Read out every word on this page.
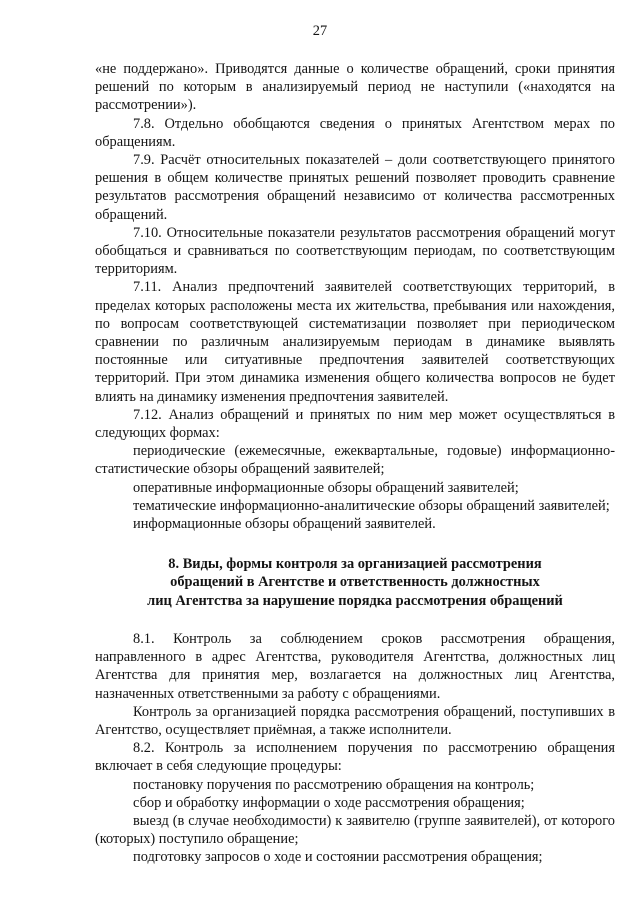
27

«не поддержано». Приводятся данные о количестве обращений, сроки принятия решений по которым в анализируемый период не наступили («находятся на рассмотрении»).

7.8. Отдельно обобщаются сведения о принятых Агентством мерах по обращениям.

7.9. Расчёт относительных показателей – доли соответствующего принятого решения в общем количестве принятых решений позволяет проводить сравнение результатов рассмотрения обращений независимо от количества рассмотренных обращений.

7.10. Относительные показатели результатов рассмотрения обращений могут обобщаться и сравниваться по соответствующим периодам, по соответствующим территориям.

7.11. Анализ предпочтений заявителей соответствующих территорий, в пределах которых расположены места их жительства, пребывания или нахождения, по вопросам соответствующей систематизации позволяет при периодическом сравнении по различным анализируемым периодам в динамике выявлять постоянные или ситуативные предпочтения заявителей соответствующих территорий. При этом динамика изменения общего количества вопросов не будет влиять на динамику изменения предпочтения заявителей.

7.12. Анализ обращений и принятых по ним мер может осуществляться в следующих формах:

периодические (ежемесячные, ежеквартальные, годовые) информационно-статистические обзоры обращений заявителей;

оперативные информационные обзоры обращений заявителей;

тематические информационно-аналитические обзоры обращений заявителей;

информационные обзоры обращений заявителей.

8. Виды, формы контроля за организацией рассмотрения
обращений в Агентстве и ответственность должностных
лиц Агентства за нарушение порядка рассмотрения обращений

8.1. Контроль за соблюдением сроков рассмотрения обращения, направленного в адрес Агентства, руководителя Агентства, должностных лиц Агентства для принятия мер, возлагается на должностных лиц Агентства, назначенных ответственными за работу с обращениями.

Контроль за организацией порядка рассмотрения обращений, поступивших в Агентство, осуществляет приёмная, а также исполнители.

8.2. Контроль за исполнением поручения по рассмотрению обращения включает в себя следующие процедуры:

постановку поручения по рассмотрению обращения на контроль;

сбор и обработку информации о ходе рассмотрения обращения;

выезд (в случае необходимости) к заявителю (группе заявителей), от которого (которых) поступило обращение;

подготовку запросов о ходе и состоянии рассмотрения обращения;
